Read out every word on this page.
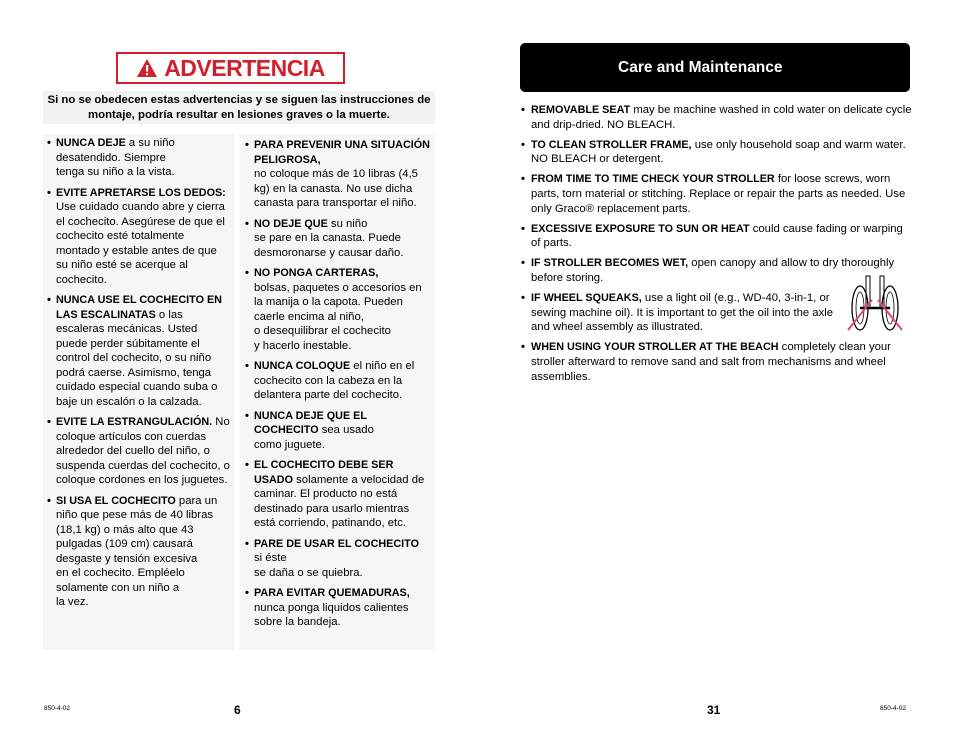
ADVERTENCIA
Si no se obedecen estas advertencias y se siguen las instrucciones de montaje, podría resultar en lesiones graves o la muerte.
• NUNCA DEJE a su niño
desatendido. Siempre
tenga su niño a la vista.
• EVITE APRETARSE LOS DEDOS: Use cuidado cuando abre y cierra el cochecito. Asegúrese de que el cochecito esté totalmente montado y estable antes de que su niño esté se acerque al cochecito.
• NUNCA USE EL COCHECITO EN LAS ESCALINATAS o las escaleras mecánicas. Usted puede perder súbitamente el control del cochecito, o su niño podrá caerse. Asimismo, tenga cuidado especial cuando suba o baje un escalón o la calzada.
• EVITE LA ESTRANGULACIÓN. No coloque artículos con cuerdas alrededor del cuello del niño, o suspenda cuerdas del cochecito, o coloque cordones en los juguetes.
• SI USA EL COCHECITO para un niño que pese más de 40 libras (18,1 kg) o más alto que 43 pulgadas (109 cm) causará desgaste y tensión excesiva
en el cochecito. Empléelo solamente con un niño a
la vez.
• PARA PREVENIR UNA SITUACIÓN PELIGROSA,
no coloque más de 10 libras (4,5 kg) en la canasta. No use dicha canasta para transportar el niño.
• NO DEJE QUE su niño
se pare en la canasta. Puede desmoronarse y causar daño.
• NO PONGA CARTERAS,
bolsas, paquetes o accesorios en la manija o la capota. Pueden caerle encima al niño,
o desequilibrar el cochecito
y hacerlo inestable.
• NUNCA COLOQUE el niño en el cochecito con la cabeza en la delantera parte del cochecito.
• NUNCA DEJE QUE EL COCHECITO sea usado
como juguete.
• EL COCHECITO DEBE SER USADO solamente a velocidad de caminar. El producto no está destinado para usarlo mientras está corriendo, patinando, etc.
• PARE DE USAR EL COCHECITO si éste
se daña o se quiebra.
• PARA EVITAR QUEMADURAS,
nunca ponga liquidos calientes sobre la bandeja.
Care and Maintenance
• REMOVABLE SEAT may be machine washed in cold water on delicate cycle and drip-dried. NO BLEACH.
• TO CLEAN STROLLER FRAME, use only household soap and warm water. NO BLEACH or detergent.
• FROM TIME TO TIME CHECK YOUR STROLLER for loose screws, worn parts, torn material or stitching. Replace or repair the parts as needed. Use only Graco® replacement parts.
• EXCESSIVE EXPOSURE TO SUN OR HEAT could cause fading or warping of parts.
• IF STROLLER BECOMES WET, open canopy and allow to dry thoroughly before storing.
• IF WHEEL SQUEAKS, use a light oil (e.g., WD-40, 3-in-1, or sewing machine oil). It is important to get the oil into the axle and wheel assembly as illustrated.
• WHEN USING YOUR STROLLER AT THE BEACH completely clean your stroller afterward to remove sand and salt from mechanisms and wheel assemblies.
850-4-02	6	31	850-4-02
